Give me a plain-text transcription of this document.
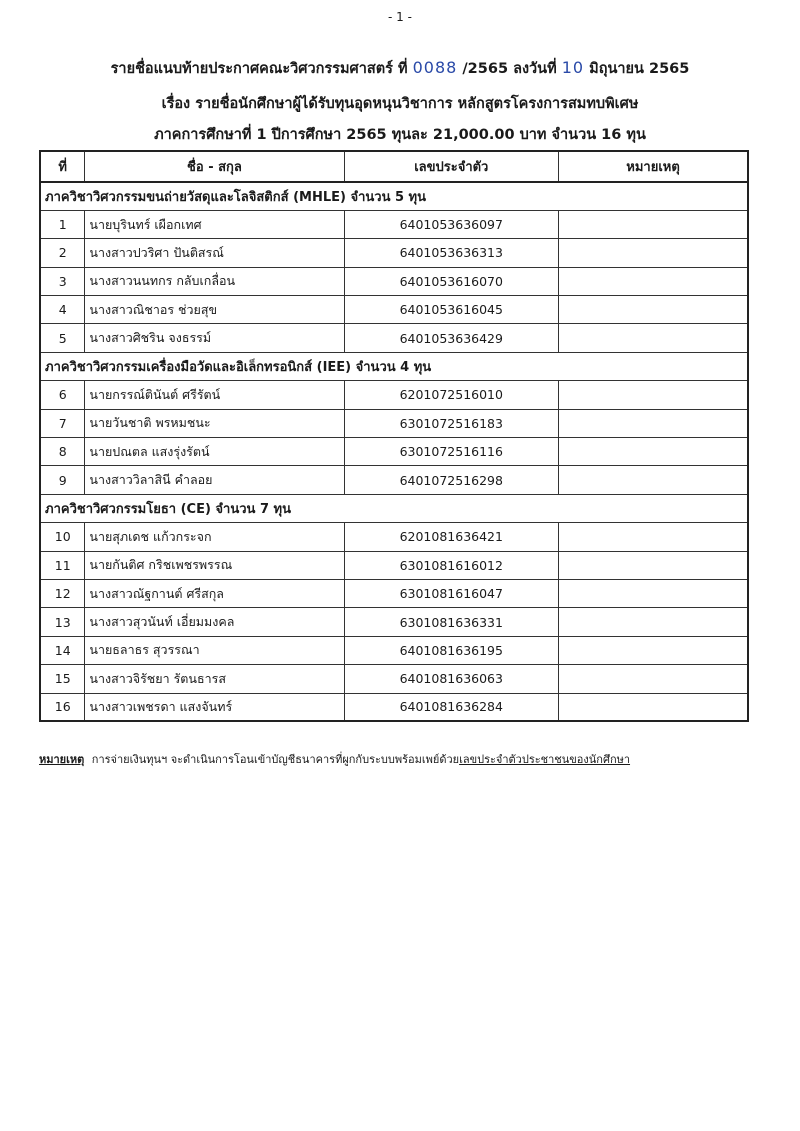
- 1 -
รายชื่อแนบท้ายประกาศคณะวิศวกรรมศาสตร์ ที่ 0088 /2565 ลงวันที่ 10 มิถุนายน 2565
เรื่อง รายชื่อนักศึกษาผู้ได้รับทุนอุดหนุนวิชาการ หลักสูตรโครงการสมทบพิเศษ
ภาคการศึกษาที่ 1 ปีการศึกษา 2565 ทุนละ 21,000.00 บาท จำนวน 16 ทุน
ที่	ชื่อ - สกุล	เลขประจำตัว	หมายเหตุ
ภาควิชาวิศวกรรมขนถ่ายวัสดุและโลจิสติกส์ (MHLE) จำนวน 5 ทุน			
1	นายบุรินทร์ เผือกเทศ	6401053636097	
2	นางสาวปวริศา ปันติสรณ์	6401053636313	
3	นางสาวนนทกร กลับเกลื่อน	6401053616070	
4	นางสาวณิชาอร ช่วยสุข	6401053616045	
5	นางสาวศิชริน จงธรรม์	6401053636429	
ภาควิชาวิศวกรรมเครื่องมือวัดและอิเล็กทรอนิกส์ (IEE) จำนวน 4 ทุน			
6	นายกรรณ์ตินันต์ ศรีรัตน์	6201072516010	
7	นายวันชาติ พรหมชนะ	6301072516183	
8	นายปณตล แสงรุ่งรัตน์	6301072516116	
9	นางสาววิลาสินี คำลอย	6401072516298	
ภาควิชาวิศวกรรมโยธา (CE) จำนวน 7 ทุน			
10	นายสุภเดช แก้วกระจก	6201081636421	
11	นายกันติศ กริชเพชรพรรณ	6301081616012	
12	นางสาวณัฐกานต์ ศรีสกุล	6301081616047	
13	นางสาวสุวนันท์ เอี่ยมมงคล	6301081636331	
14	นายธลาธร สุวรรณา	6401081636195	
15	นางสาวจิรัชยา รัตนธารส	6401081636063	
16	นางสาวเพชรดา แสงจันทร์	6401081636284	
หมายเหตุ การจ่ายเงินทุนฯ จะดำเนินการโอนเข้าบัญชีธนาคารที่ผูกกับระบบพร้อมเพย์ด้วยเลขประจำตัวประชาชนของนักศึกษา
